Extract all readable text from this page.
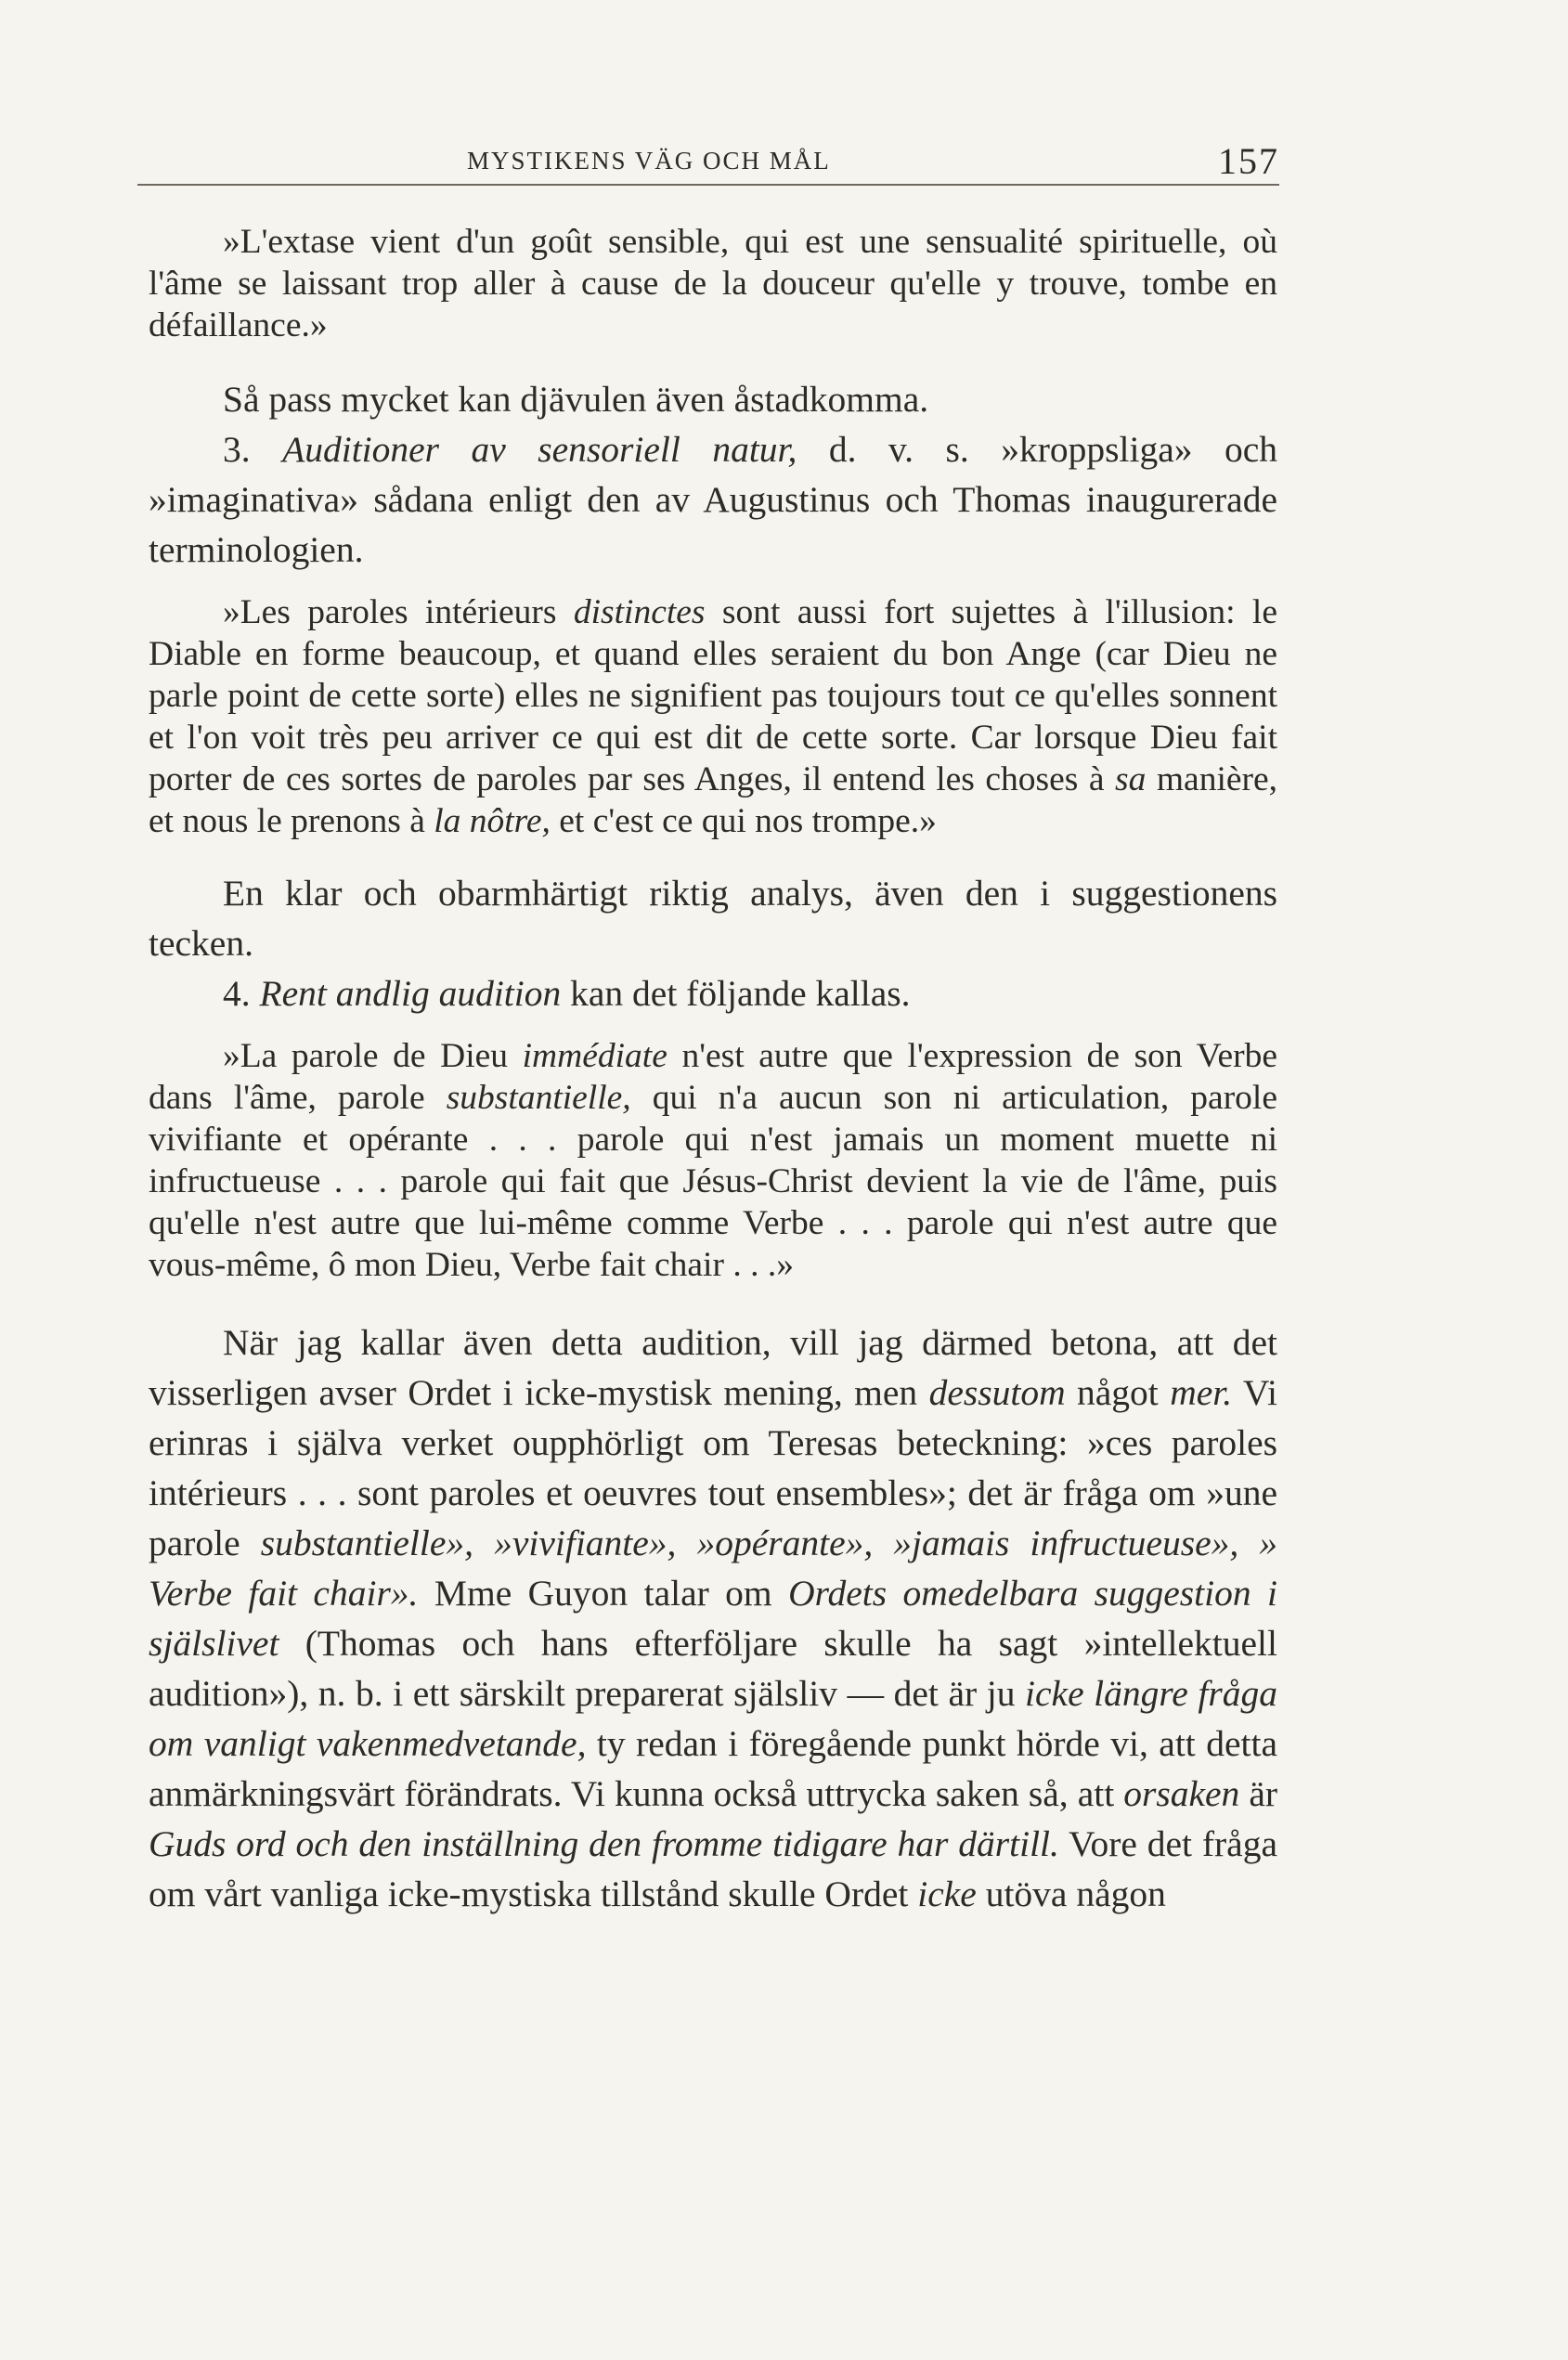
MYSTIKENS VÄG OCH MÅL	157

»L'extase vient d'un goût sensible, qui est une sensualité spirituelle, où l'âme se laissant trop aller à cause de la douceur qu'elle y trouve, tombe en défaillance.»

Så pass mycket kan djävulen även åstadkomma.

3. Auditioner av sensoriell natur, d. v. s. »kroppsliga» och »imaginativa» sådana enligt den av Augustinus och Thomas inaugurerade terminologien.

»Les paroles intérieurs distinctes sont aussi fort sujettes à l'illusion: le Diable en forme beaucoup, et quand elles seraient du bon Ange (car Dieu ne parle point de cette sorte) elles ne signifient pas toujours tout ce qu'elles sonnent et l'on voit très peu arriver ce qui est dit de cette sorte. Car lorsque Dieu fait porter de ces sortes de paroles par ses Anges, il entend les choses à sa manière, et nous le prenons à la nôtre, et c'est ce qui nos trompe.»

En klar och obarmhärtigt riktig analys, även den i suggestionens tecken.

4. Rent andlig audition kan det följande kallas.

»La parole de Dieu immédiate n'est autre que l'expression de son Verbe dans l'âme, parole substantielle, qui n'a aucun son ni articulation, parole vivifiante et opérante . . . parole qui n'est jamais un moment muette ni infructueuse . . . parole qui fait que Jésus-Christ devient la vie de l'âme, puis qu'elle n'est autre que lui-même comme Verbe . . . parole qui n'est autre que vous-même, ô mon Dieu, Verbe fait chair . . .»

När jag kallar även detta audition, vill jag därmed betona, att det visserligen avser Ordet i icke-mystisk mening, men dessutom något mer. Vi erinras i själva verket oupphörligt om Teresas beteckning: »ces paroles intérieurs . . . sont paroles et oeuvres tout ensembles»; det är fråga om »une parole substantielle», »vivifiante», »opérante», »jamais infructueuse», » Verbe fait chair». Mme Guyon talar om Ordets omedelbara suggestion i själslivet (Thomas och hans efterföljare skulle ha sagt »intellektuell audition»), n. b. i ett särskilt preparerat själsliv — det är ju icke längre fråga om vanligt vakenmedvetande, ty redan i föregående punkt hörde vi, att detta anmärkningsvärt förändrats. Vi kunna också uttrycka saken så, att orsaken är Guds ord och den inställning den fromme tidigare har därtill. Vore det fråga om vårt vanliga icke-mystiska tillstånd skulle Ordet icke utöva någon
